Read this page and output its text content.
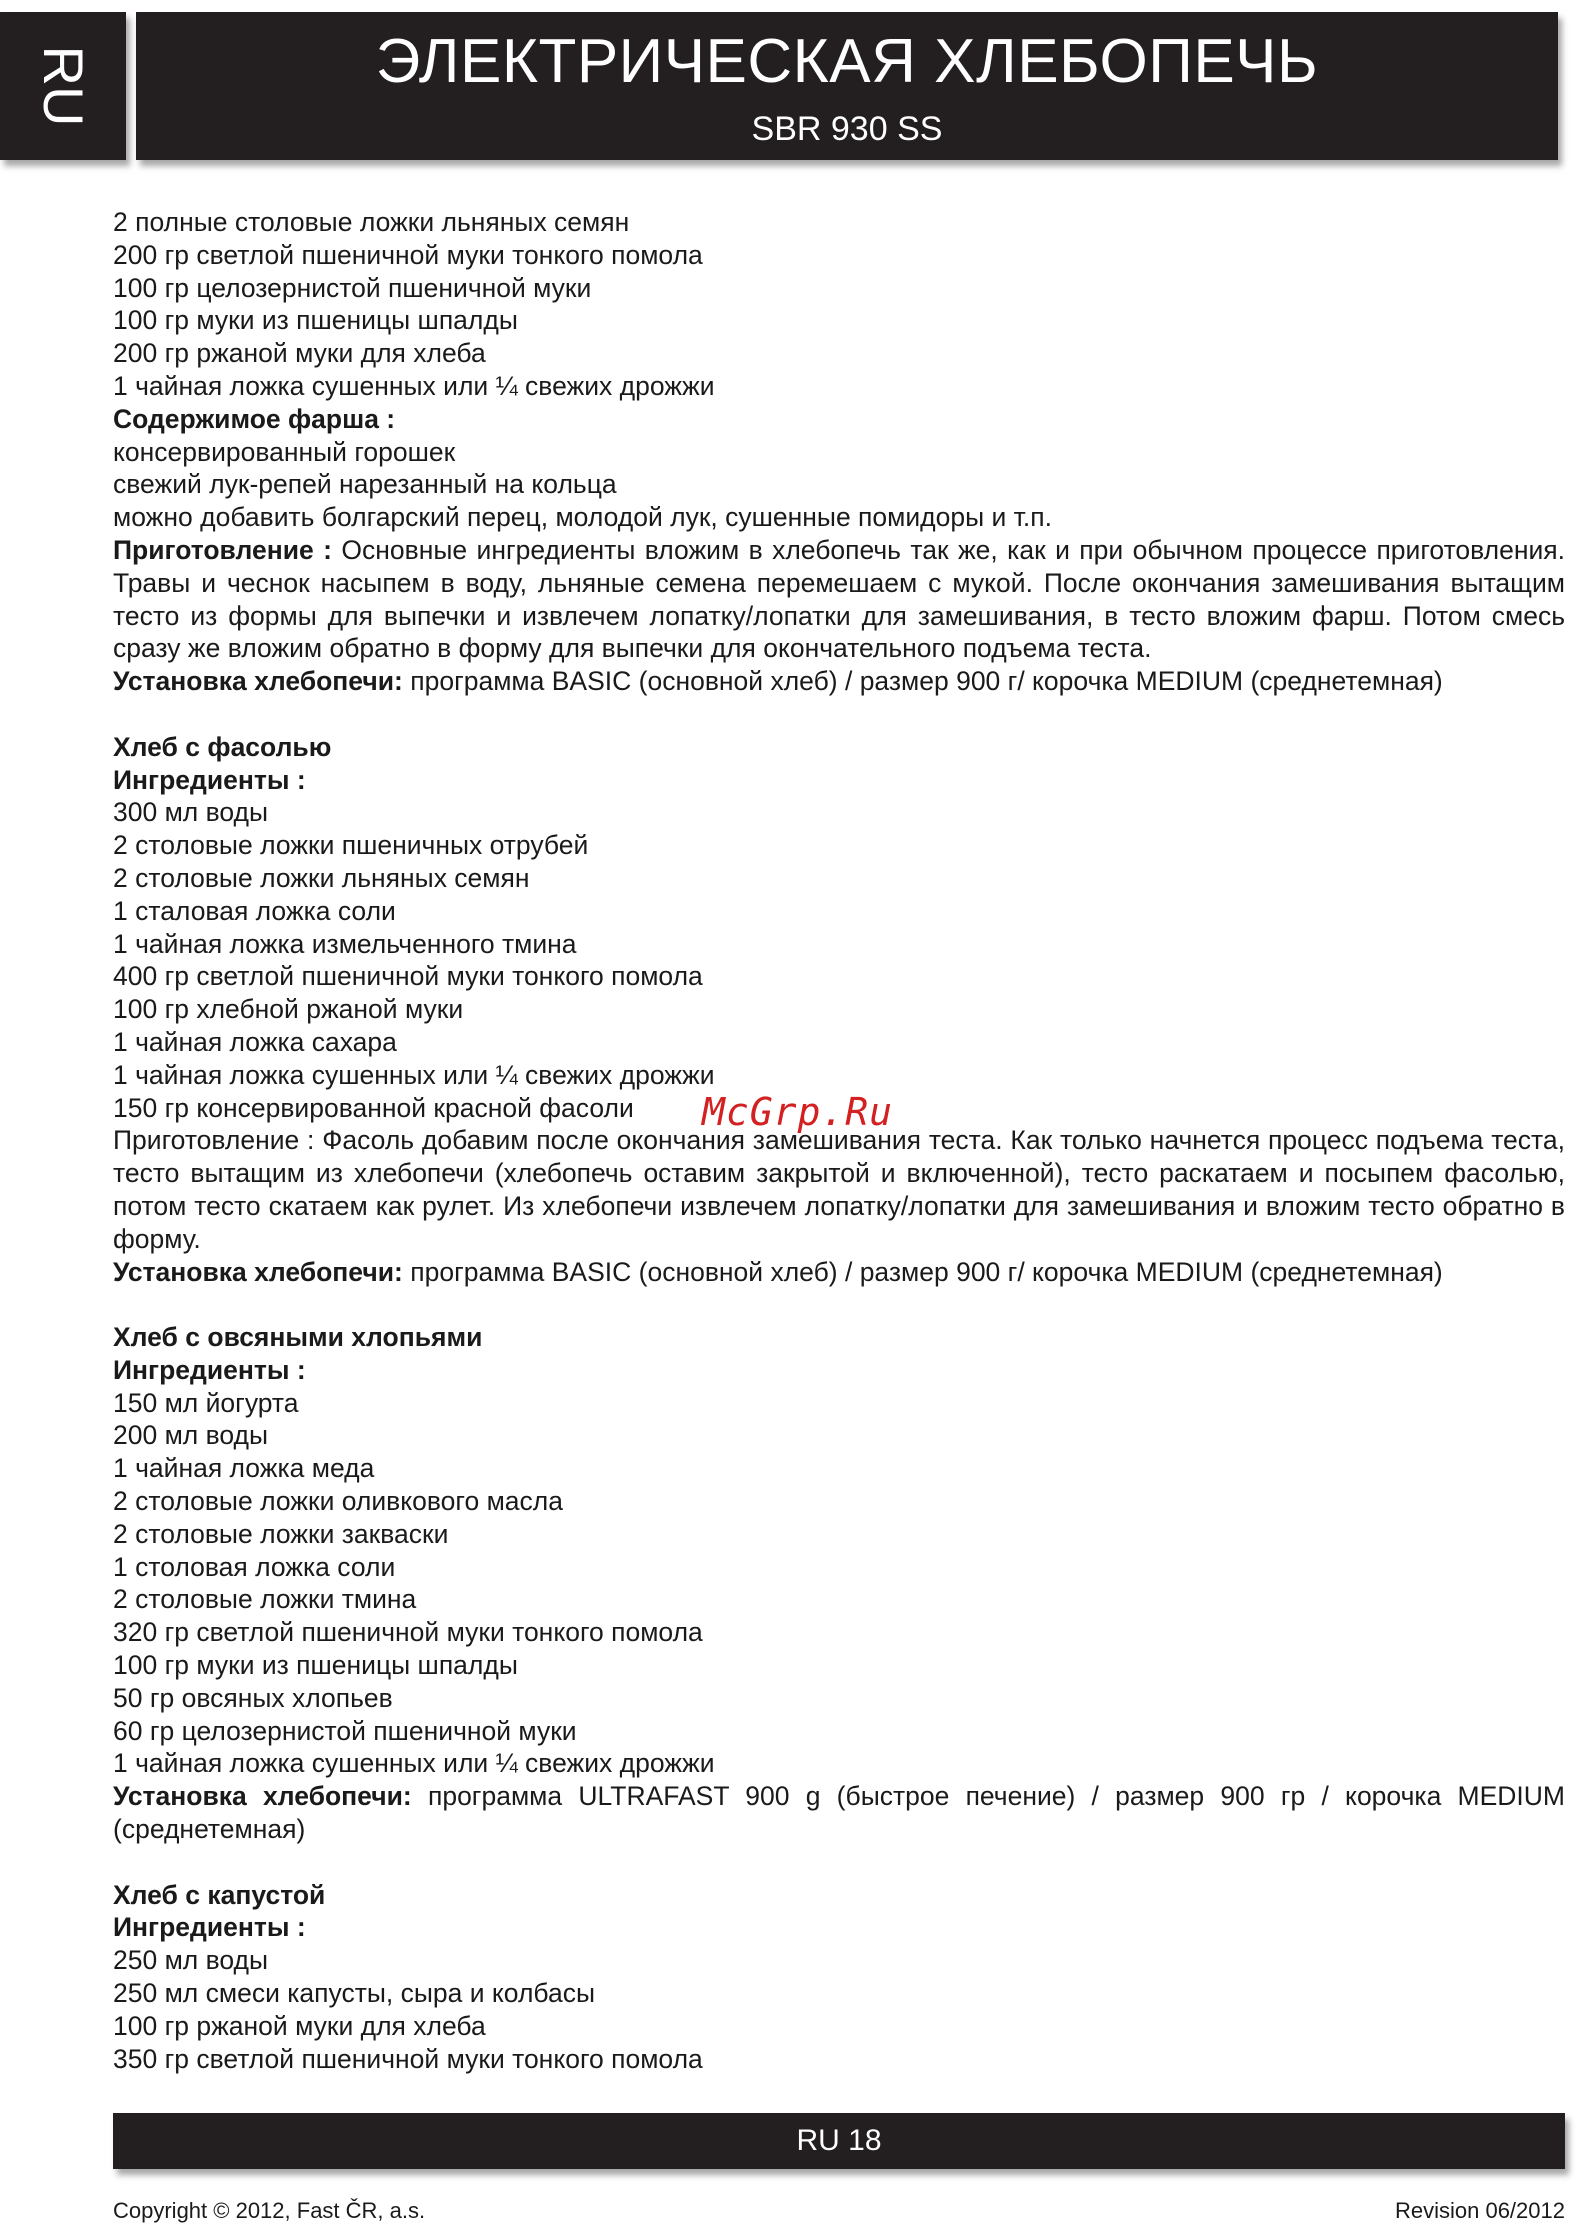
RU	ЭЛЕКТРИЧЕСКАЯ ХЛЕБОПЕЧЬ
SBR 930 SS
2 полные столовые ложки льняных семян
200 гр светлой пшеничной муки тонкого помола
100 гр целозернистой пшеничной муки
100 гр муки из пшеницы шпалды
200 гр ржаной муки для хлеба
1 чайная ложка сушенных или ¼ свежих дрожжи
Содержимое фарша :
консервированный горошек
свежий лук-репей нарезанный на кольца
можно добавить болгарский перец, молодой лук, сушенные помидоры и т.п.
Приготовление : Основные ингредиенты вложим в хлебопечь так же, как и при обычном процессе приготовления. Травы и чеснок насыпем в воду, льняные семена перемешаем с мукой. После окончания замешивания вытащим тесто из формы для выпечки и извлечем лопатку/лопатки для замешивания, в тесто вложим фарш. Потом смесь сразу же вложим обратно в форму для выпечки для окончательного подъема теста.
Установка хлебопечи: программа BASIC (основной хлеб) / размер 900 г/ корочка MEDIUM (среднетемная)
Хлеб с фасолью
Ингредиенты :
300 мл воды
2 столовые ложки пшеничных отрубей
2 столовые ложки льняных семян
1 сталовая ложка соли
1 чайная ложка измельченного тмина
400 гр светлой пшеничной муки тонкого помола
100 гр хлебной ржаной муки
1 чайная ложка сахара
1 чайная ложка сушенных или ¼ свежих дрожжи
150 гр консервированной красной фасоли
Приготовление : Фасоль добавим после окончания замешивания теста. Как только начнется процесс подъема теста, тесто вытащим из хлебопечи (хлебопечь оставим закрытой и включенной), тесто раскатаем и посыпем фасолью, потом тесто скатаем как рулет. Из хлебопечи извлечем лопатку/лопатки для замешивания и вложим тесто обратно в форму.
Установка хлебопечи: программа BASIC (основной хлеб) / размер 900 г/ корочка MEDIUM (среднетемная)
Хлеб с овсяными хлопьями
Ингредиенты :
150 мл йогурта
200 мл воды
1 чайная ложка меда
2 столовые ложки оливкового масла
2 столовые ложки закваски
1 столовая ложка соли
2 столовые ложки тмина
320 гр светлой пшеничной муки тонкого помола
100 гр муки из пшеницы шпалды
50 гр овсяных хлопьев
60 гр целозернистой пшеничной муки
1 чайная ложка сушенных или ¼ свежих дрожжи
Установка хлебопечи: программа ULTRAFAST 900 g (быстрое печение) / размер 900 гр / корочка MEDIUM (среднетемная)
Хлеб с капустой
Ингредиенты :
250 мл воды
250 мл смеси капусты, сыра и колбасы
100 гр ржаной муки для хлеба
350 гр светлой пшеничной муки тонкого помола
McGrp.Ru
RU 18
Copyright © 2012, Fast ČR, a.s.	Revision 06/2012
